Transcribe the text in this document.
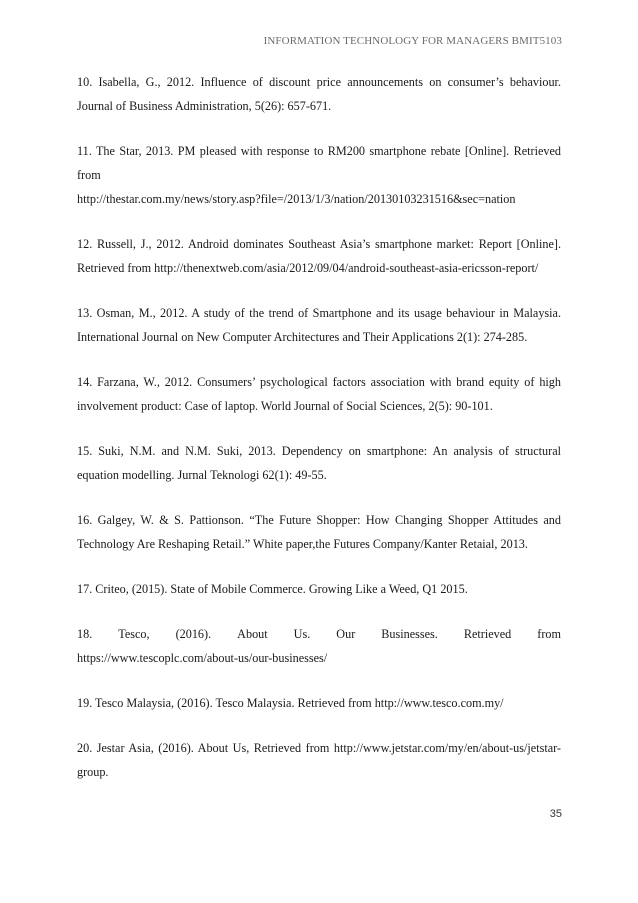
INFORMATION TECHNOLOGY FOR MANAGERS BMIT5103

10. Isabella, G., 2012. Influence of discount price announcements on consumer’s behaviour. Journal of Business Administration, 5(26): 657-671.

11. The Star, 2013. PM pleased with response to RM200 smartphone rebate [Online]. Retrieved from
http://thestar.com.my/news/story.asp?file=/2013/1/3/nation/20130103231516&sec=nation

12. Russell, J., 2012. Android dominates Southeast Asia’s smartphone market: Report [Online]. Retrieved from http://thenextweb.com/asia/2012/09/04/android-southeast-asia-ericsson-report/

13. Osman, M., 2012. A study of the trend of Smartphone and its usage behaviour in Malaysia. International Journal on New Computer Architectures and Their Applications 2(1): 274-285.

14. Farzana, W., 2012. Consumers’ psychological factors association with brand equity of high involvement product: Case of laptop. World Journal of Social Sciences, 2(5): 90-101.

15. Suki, N.M. and N.M. Suki, 2013. Dependency on smartphone: An analysis of structural equation modelling. Jurnal Teknologi 62(1): 49-55.

16. Galgey, W. & S. Pattionson. “The Future Shopper: How Changing Shopper Attitudes and Technology Are Reshaping Retail.” White paper,the Futures Company/Kanter Retaial, 2013.

17. Criteo, (2015). State of Mobile Commerce. Growing Like a Weed, Q1 2015.

18. Tesco, (2016). About Us. Our Businesses. Retrieved from
https://www.tescoplc.com/about-us/our-businesses/

19. Tesco Malaysia, (2016). Tesco Malaysia. Retrieved from http://www.tesco.com.my/

20. Jestar Asia, (2016). About Us, Retrieved from http://www.jetstar.com/my/en/about-us/jetstar-group.

35
